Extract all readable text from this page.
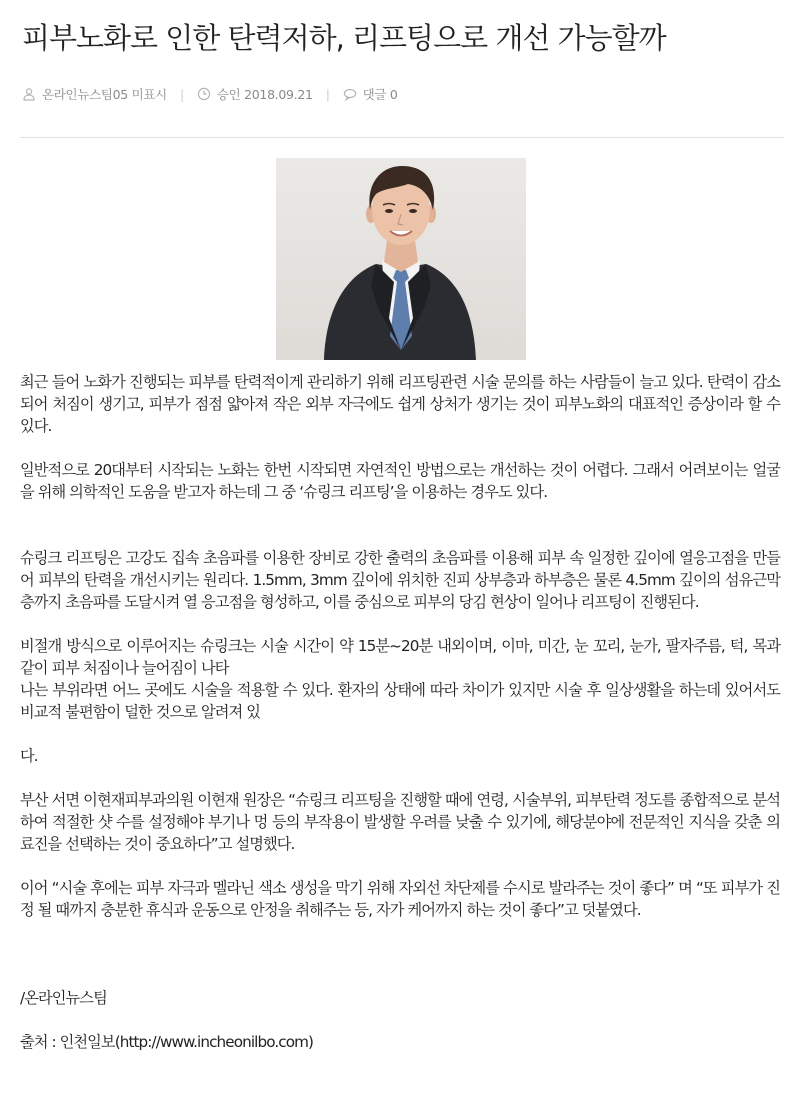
피부노화로 인한 탄력저하, 리프팅으로 개선 가능할까
온라인뉴스팀05 미표시 |	승인 2018.09.21 |	댓글 0

최근 들어 노화가 진행되는 피부를 탄력적이게 관리하기 위해 리프팅관련 시술 문의를 하는 사람들이 늘고 있다. 탄력이 감소되어 처짐이 생기고, 피부가 점점 얇아져 작은 외부 자극에도 쉽게 상처가 생기는 것이 피부노화의 대표적인 증상이라 할 수 있다.

일반적으로 20대부터 시작되는 노화는 한번 시작되면 자연적인 방법으로는 개선하는 것이 어렵다. 그래서 어려보이는 얼굴을 위해 의학적인 도움을 받고자 하는데 그 중 ‘슈링크 리프팅’을 이용하는 경우도 있다.

슈링크 리프팅은 고강도 집속 초음파를 이용한 장비로 강한 출력의 초음파를 이용해 피부 속 일정한 깊이에 열응고점을 만들어 피부의 탄력을 개선시키는 원리다. 1.5mm, 3mm 깊이에 위치한 진피 상부층과 하부층은 물론 4.5mm 깊이의 섬유근막층까지 초음파를 도달시켜 열 응고점을 형성하고, 이를 중심으로 피부의 당김 현상이 일어나 리프팅이 진행된다.

비절개 방식으로 이루어지는 슈링크는 시술 시간이 약 15분~20분 내외이며, 이마, 미간, 눈 꼬리, 눈가, 팔자주름, 턱, 목과 같이 피부 처짐이나 늘어짐이 나타

나는 부위라면 어느 곳에도 시술을 적용할 수 있다. 환자의 상태에 따라 차이가 있지만 시술 후 일상생활을 하는데 있어서도 비교적 불편함이 덜한 것으로 알려져 있

다.

부산 서면 이현재피부과의원 이현재 원장은 “슈링크 리프팅을 진행할 때에 연령, 시술부위, 피부탄력 정도를 종합적으로 분석하여 적절한 샷 수를 설정해야 부기나 멍 등의 부작용이 발생할 우려를 낮출 수 있기에, 해당분야에 전문적인 지식을 갖춘 의료진을 선택하는 것이 중요하다”고 설명했다.

이어 “시술 후에는 피부 자극과 멜라닌 색소 생성을 막기 위해 자외선 차단제를 수시로 발라주는 것이 좋다” 며 “또 피부가 진정 될 때까지 충분한 휴식과 운동으로 안정을 취해주는 등, 자가 케어까지 하는 것이 좋다”고 덧붙였다.

/온라인뉴스팀

출처 : 인천일보(http://www.incheonilbo.com)
